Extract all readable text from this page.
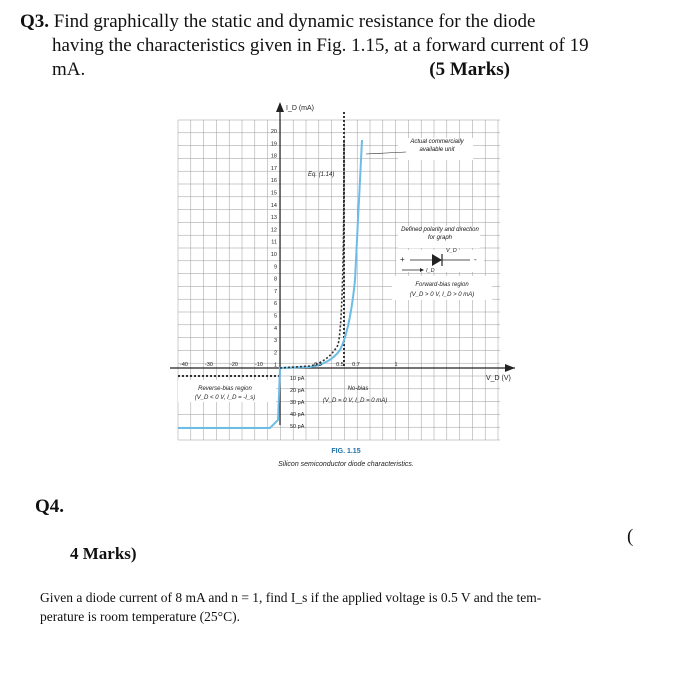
Q3. Find graphically the static and dynamic resistance for the diode
having the characteristics given in Fig. 1.15, at a forward current of 19
mA.	(5 Marks)
20
19
18
17
16
15
14
13
12
11
10
9
8
7
6
5
4
3
2
1
-40	-30	-20	-10	0.3	0.5 0.7	1
10 pA
20 pA
30 pA
40 pA
50 pA
I_D (mA)
V_D (V)
Eq. (1.14)
Actual commercially available unit
Defined polarity and direction for graph
+	-
V_D
I_D
Forward-bias region
(V_D > 0 V, I_D > 0 mA)
Reverse-bias region
(V_D < 0 V, I_D = -I_s)
No-bias
(V_D = 0 V, I_D = 0 mA)
FIG. 1.15
Silicon semiconductor diode characteristics.
Q4.
(
4 Marks)
Given a diode current of 8 mA and n = 1, find I_s if the applied voltage is 0.5 V and the tem-
perature is room temperature (25°C).
